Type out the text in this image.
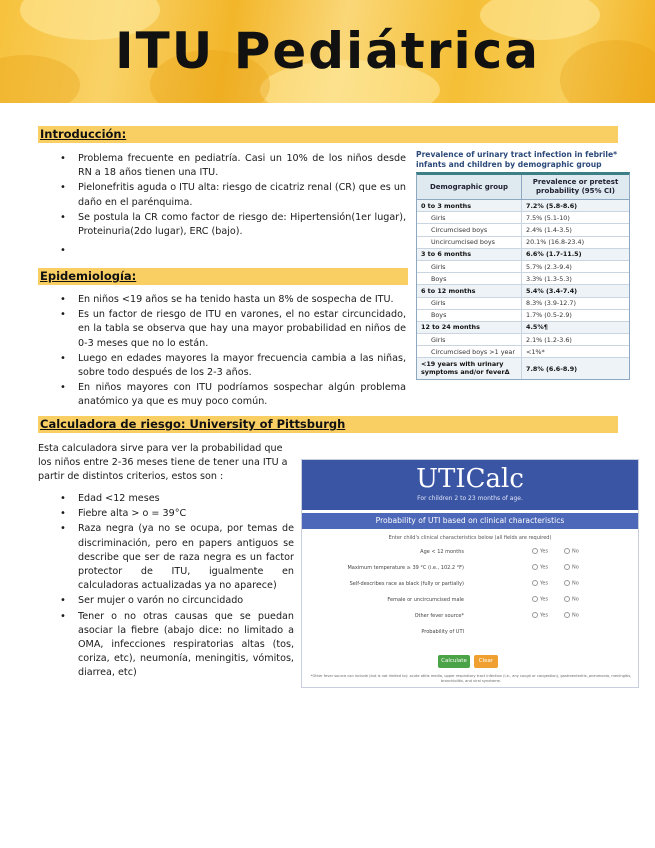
ITU Pediátrica
Introducción:
• Problema frecuente en pediatría. Casi un 10% de los niños desde RN a 18 años tienen una ITU.
• Pielonefritis aguda o ITU alta: riesgo de cicatriz renal (CR) que es un daño en el parénquima.
• Se postula la CR como factor de riesgo de: Hipertensión(1er lugar), Proteinuria(2do lugar), ERC (bajo).
•
Epidemiología:
• En niños <19 años se ha tenido hasta un 8% de sospecha de ITU.
• Es un factor de riesgo de ITU en varones, el no estar circuncidado, en la tabla se observa que hay una mayor probabilidad en niños de 0-3 meses que no lo están.
• Luego en edades mayores la mayor frecuencia cambia a las niñas, sobre todo después de los 2-3 años.
• En niños mayores con ITU podríamos sospechar algún problema anatómico ya que es muy poco común.
Prevalence of urinary tract infection in febrile* infants and children by demographic group
Demographic group
Prevalence or pretest probability (95% CI)
0 to 3 months	7.2% (5.8-8.6)
Girls	7.5% (5.1-10)
Circumcised boys	2.4% (1.4-3.5)
Uncircumcised boys	20.1% (16.8-23.4)
3 to 6 months	6.6% (1.7-11.5)
Girls	5.7% (2.3-9.4)
Boys	3.3% (1.3-5.3)
6 to 12 months	5.4% (3.4-7.4)
Girls	8.3% (3.9-12.7)
Boys	1.7% (0.5-2.9)
12 to 24 months	4.5%¶
Girls	2.1% (1.2-3.6)
Circumcised boys >1 year	<1%*
<19 years with urinary symptoms and/or feverΔ	7.8% (6.6-8.9)
Calculadora de riesgo: University of Pittsburgh
Esta calculadora sirve para ver la probabilidad que los niños entre 2-36 meses tiene de tener una ITU a partir de distintos criterios, estos son :
• Edad <12 meses
• Fiebre alta > o = 39°C
• Raza negra (ya no se ocupa, por temas de discriminación, pero en papers antiguos se describe que ser de raza negra es un factor protector de ITU, igualmente en calculadoras actualizadas ya no aparece)
• Ser mujer o varón no circuncidado
• Tener o no otras causas que se puedan asociar la fiebre (abajo dice: no limitado a OMA, infecciones respiratorias altas (tos, coriza, etc), neumonía, meningitis, vómitos, diarrea, etc)
UTICalc
For children 2 to 23 months of age.
Probability of UTI based on clinical characteristics
Enter child's clinical characteristics below (all fields are required)
Age < 12 months	Yes	No
Maximum temperature ≥ 39 °C (i.e., 102.2 °F)	Yes	No
Self-describes race as black (fully or partially)	Yes	No
Female or uncircumcised male	Yes	No
Other fever source*	Yes	No
Probability of UTI
Calculate	Clear
*Other fever source can include (but is not limited to): acute otitis media, upper respiratory tract infection (i.e., any cough or congestion), gastroenteritis, pneumonia, meningitis, bronchiolitis, and viral syndrome.
